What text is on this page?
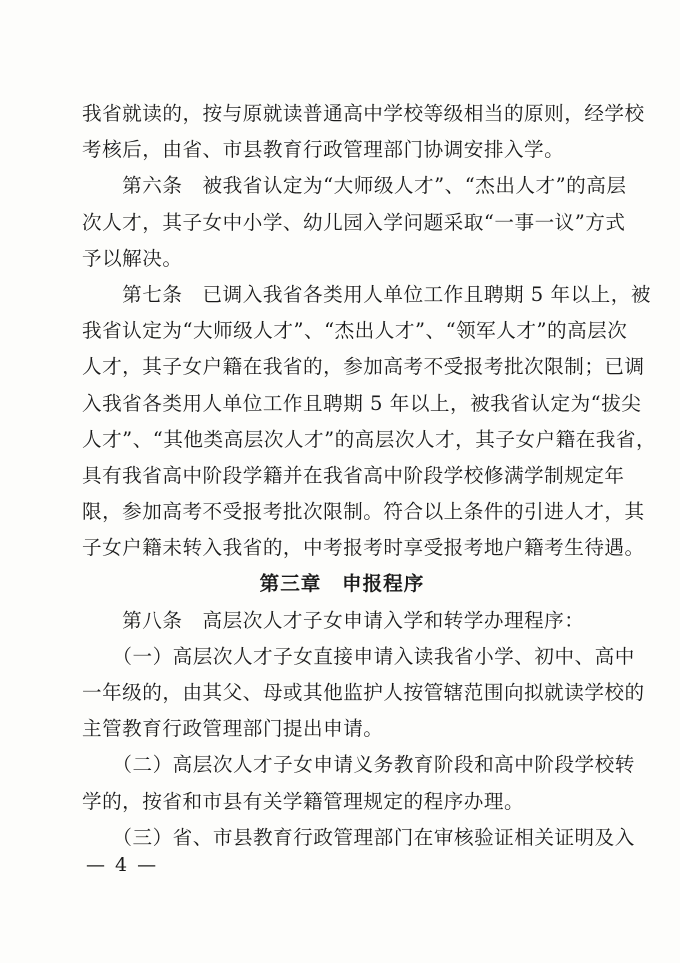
我省就读的，按与原就读普通高中学校等级相当的原则，经学校
考核后，由省、市县教育行政管理部门协调安排入学。
　　第六条　被我省认定为“大师级人才”、“杰出人才”的高层
次人才，其子女中小学、幼儿园入学问题采取“一事一议”方式
予以解决。
　　第七条　已调入我省各类用人单位工作且聘期 5 年以上，被
我省认定为“大师级人才”、“杰出人才”、“领军人才”的高层次
人才，其子女户籍在我省的，参加高考不受报考批次限制；已调
入我省各类用人单位工作且聘期 5 年以上，被我省认定为“拔尖
人才”、“其他类高层次人才”的高层次人才，其子女户籍在我省，
具有我省高中阶段学籍并在我省高中阶段学校修满学制规定年
限，参加高考不受报考批次限制。符合以上条件的引进人才，其
子女户籍未转入我省的，中考报考时享受报考地户籍考生待遇。
第三章　申报程序
　　第八条　高层次人才子女申请入学和转学办理程序：
　　（一）高层次人才子女直接申请入读我省小学、初中、高中
一年级的，由其父、母或其他监护人按管辖范围向拟就读学校的
主管教育行政管理部门提出申请。
　　（二）高层次人才子女申请义务教育阶段和高中阶段学校转
学的，按省和市县有关学籍管理规定的程序办理。
　　（三）省、市县教育行政管理部门在审核验证相关证明及入
— 4 —
